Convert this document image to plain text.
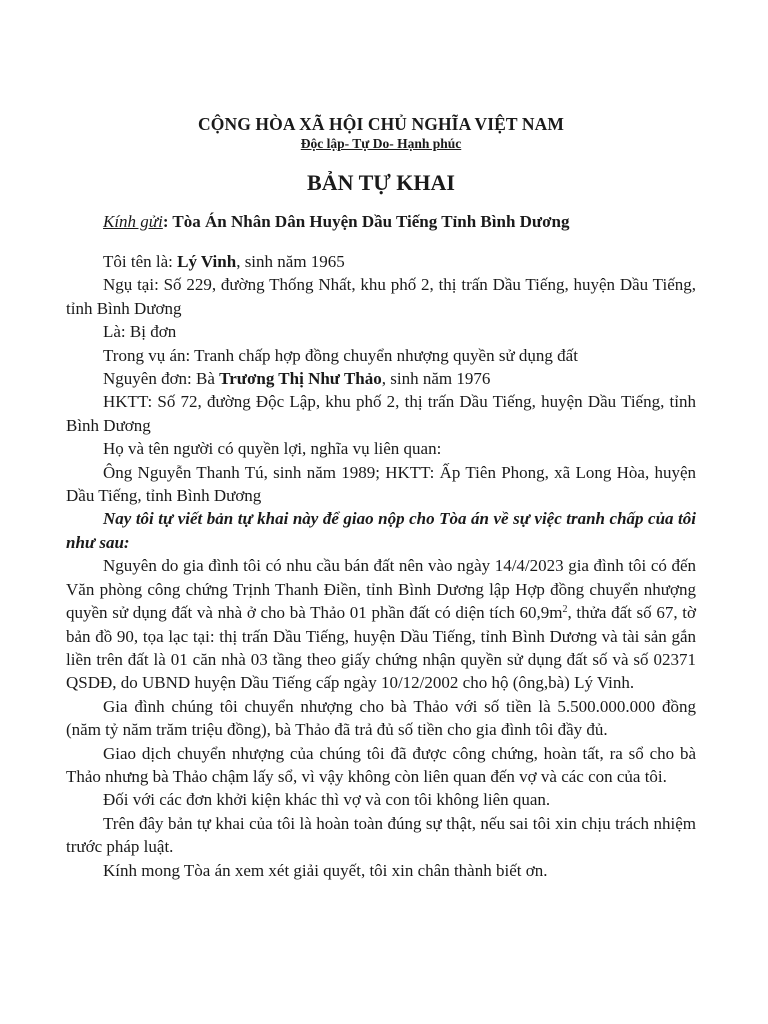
CỘNG HÒA XÃ HỘI CHỦ NGHĨA VIỆT NAM

Độc lập- Tự Do- Hạnh phúc

BẢN TỰ KHAI

Kính gửi: Tòa Án Nhân Dân Huyện Dầu Tiếng Tỉnh Bình Dương

Tôi tên là: Lý Vinh, sinh năm 1965

Ngụ tại: Số 229, đường Thống Nhất, khu phố 2, thị trấn Dầu Tiếng, huyện Dầu Tiếng, tỉnh Bình Dương

Là: Bị đơn

Trong vụ án: Tranh chấp hợp đồng chuyển nhượng quyền sử dụng đất

Nguyên đơn: Bà Trương Thị Như Thảo, sinh năm 1976

HKTT: Số 72, đường Độc Lập, khu phố 2, thị trấn Dầu Tiếng, huyện Dầu Tiếng, tỉnh Bình Dương

Họ và tên người có quyền lợi, nghĩa vụ liên quan:

Ông Nguyễn Thanh Tú, sinh năm 1989; HKTT: Ấp Tiên Phong, xã Long Hòa, huyện Dầu Tiếng, tỉnh Bình Dương

Nay tôi tự viết bản tự khai này để giao nộp cho Tòa án về sự việc tranh chấp của tôi như sau:

Nguyên do gia đình tôi có nhu cầu bán đất nên vào ngày 14/4/2023 gia đình tôi có đến Văn phòng công chứng Trịnh Thanh Điền, tỉnh Bình Dương lập Hợp đồng chuyển nhượng quyền sử dụng đất và nhà ở cho bà Thảo 01 phần đất có diện tích $60,9m^2$, thửa đất số 67, tờ bản đồ 90, tọa lạc tại: thị trấn Dầu Tiếng, huyện Dầu Tiếng, tỉnh Bình Dương và tài sản gắn liền trên đất là 01 căn nhà 03 tầng theo giấy chứng nhận quyền sử dụng đất số và số 02371 QSDĐ, do UBND huyện Dầu Tiếng cấp ngày 10/12/2002 cho hộ (ông,bà) Lý Vinh.

Gia đình chúng tôi chuyển nhượng cho bà Thảo với số tiền là 5.500.000.000 đồng (năm tỷ năm trăm triệu đồng), bà Thảo đã trả đủ số tiền cho gia đình tôi đầy đủ.

Giao dịch chuyển nhượng của chúng tôi đã được công chứng, hoàn tất, ra sổ cho bà Thảo nhưng bà Thảo chậm lấy sổ, vì vậy không còn liên quan đến vợ và các con của tôi.

Đối với các đơn khởi kiện khác thì vợ và con tôi không liên quan.

Trên đây bản tự khai của tôi là hoàn toàn đúng sự thật, nếu sai tôi xin chịu trách nhiệm trước pháp luật.

Kính mong Tòa án xem xét giải quyết, tôi xin chân thành biết ơn.
